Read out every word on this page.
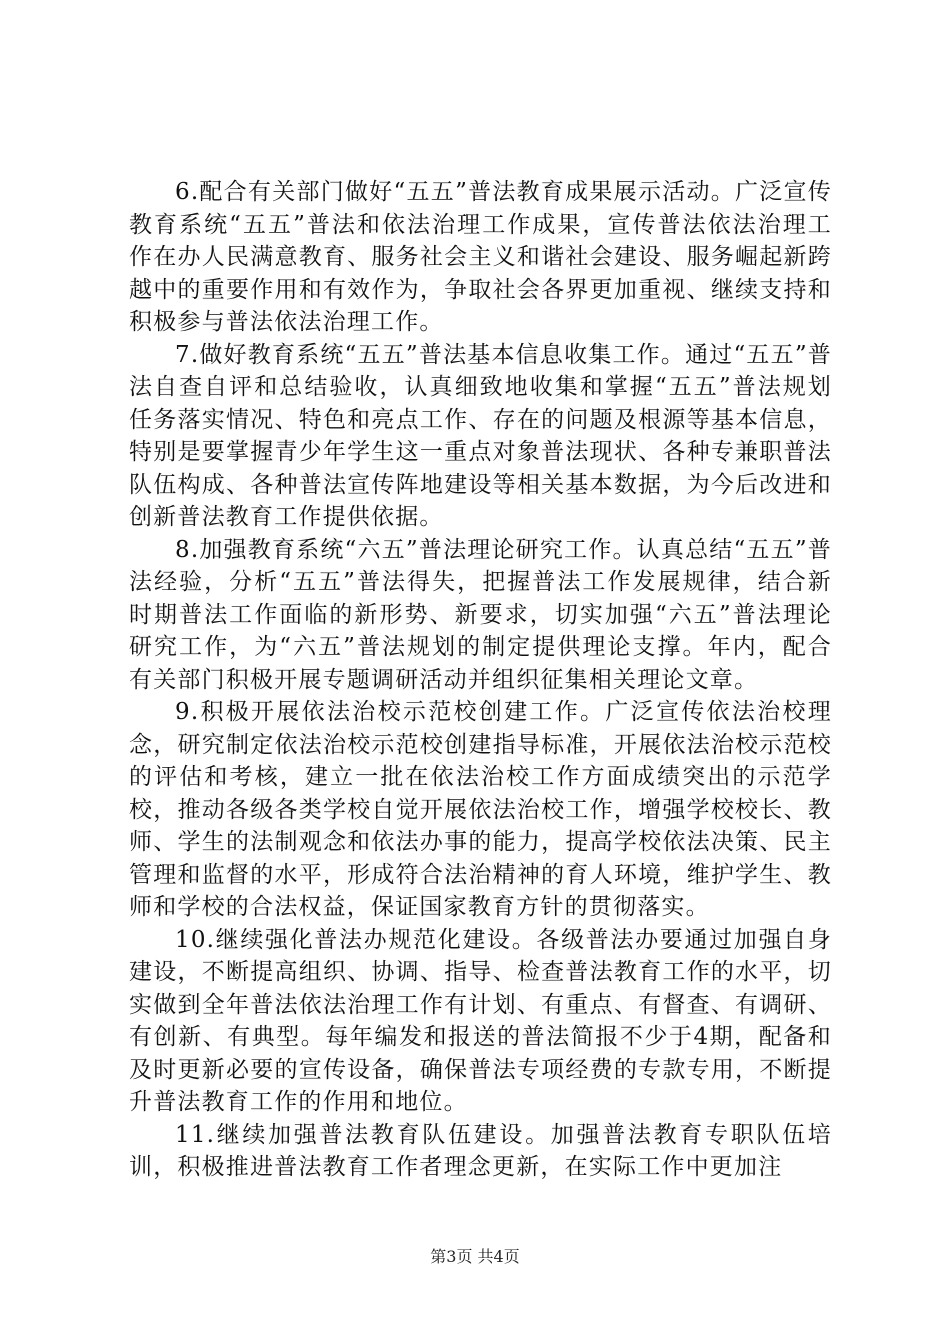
6.配合有关部门做好“五五”普法教育成果展示活动。广泛宣传教育系统“五五”普法和依法治理工作成果，宣传普法依法治理工作在办人民满意教育、服务社会主义和谐社会建设、服务崛起新跨越中的重要作用和有效作为，争取社会各界更加重视、继续支持和积极参与普法依法治理工作。

7.做好教育系统“五五”普法基本信息收集工作。通过“五五”普法自查自评和总结验收，认真细致地收集和掌握“五五”普法规划任务落实情况、特色和亮点工作、存在的问题及根源等基本信息，特别是要掌握青少年学生这一重点对象普法现状、各种专兼职普法队伍构成、各种普法宣传阵地建设等相关基本数据，为今后改进和创新普法教育工作提供依据。

8.加强教育系统“六五”普法理论研究工作。认真总结“五五”普法经验，分析“五五”普法得失，把握普法工作发展规律，结合新时期普法工作面临的新形势、新要求，切实加强“六五”普法理论研究工作，为“六五”普法规划的制定提供理论支撑。年内，配合有关部门积极开展专题调研活动并组织征集相关理论文章。

9.积极开展依法治校示范校创建工作。广泛宣传依法治校理念，研究制定依法治校示范校创建指导标准，开展依法治校示范校的评估和考核，建立一批在依法治校工作方面成绩突出的示范学校，推动各级各类学校自觉开展依法治校工作，增强学校校长、教师、学生的法制观念和依法办事的能力，提高学校依法决策、民主管理和监督的水平，形成符合法治精神的育人环境，维护学生、教师和学校的合法权益，保证国家教育方针的贯彻落实。

10.继续强化普法办规范化建设。各级普法办要通过加强自身建设，不断提高组织、协调、指导、检查普法教育工作的水平，切实做到全年普法依法治理工作有计划、有重点、有督查、有调研、有创新、有典型。每年编发和报送的普法简报不少于4期，配备和及时更新必要的宣传设备，确保普法专项经费的专款专用，不断提升普法教育工作的作用和地位。

11.继续加强普法教育队伍建设。加强普法教育专职队伍培训，积极推进普法教育工作者理念更新，在实际工作中更加注

第3页 共4页
